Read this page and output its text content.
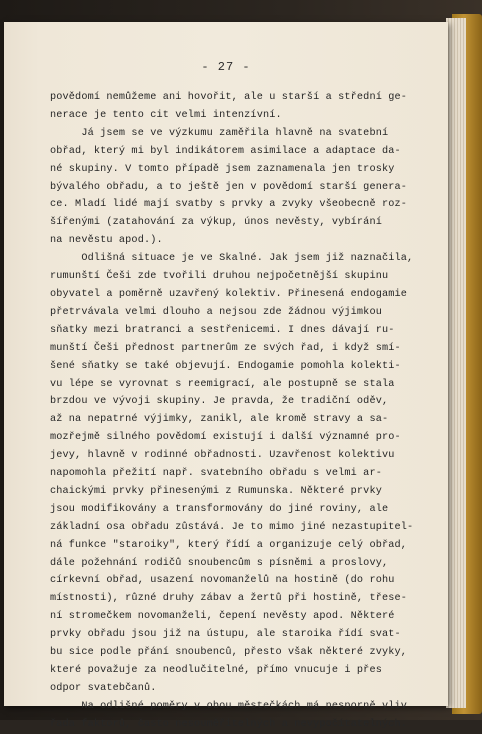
- 27 -
povědomí nemůžeme ani hovořit, ale u starší a střední ge-
nerace je tento cit velmi intenzívní.
Já jsem se ve výzkumu zaměřila hlavně na svatební
obřad, který mi byl indikátorem asimilace a adaptace da-
né skupiny. V tomto případě jsem zaznamenala jen trosky
bývalého obřadu, a to ještě jen v povědomí starší genera-
ce. Mladí lidé mají svatby s prvky a zvyky všeobecně roz-
šířenými (zatahování za výkup, únos nevěsty, vybírání
na nevěstu apod.).
Odlišná situace je ve Skalné. Jak jsem již naznačila,
rumunští Češi zde tvořili druhou nejpočetnější skupinu
obyvatel a poměrně uzavřený kolektiv. Přinesená endogamie
přetrvávala velmi dlouho a nejsou zde žádnou výjimkou
sňatky mezi bratranci a sestřenicemi. I dnes dávají ru-
munští Češi přednost partnerům ze svých řad, i když smí-
šené sňatky se také objevují. Endogamie pomohla kolekti-
vu lépe se vyrovnat s reemigrací, ale postupně se stala
brzdou ve vývoji skupiny. Je pravda, že tradiční oděv,
až na nepatrné výjimky, zanikl, ale kromě stravy a sa-
mozřejmě silného povědomí existují i další významné pro-
jevy, hlavně v rodinné obřadnosti. Uzavřenost kolektivu
napomohla přežití např. svatebního obřadu s velmi ar-
chaickými prvky přinesenými z Rumunska. Některé prvky
jsou modifikovány a transformovány do jiné roviny, ale
základní osa obřadu zůstává. Je to mimo jiné nezastupitel-
ná funkce "staroiky", který řídí a organizuje celý obřad,
dále požehnání rodičů snoubencům s písněmi a proslovy,
církevní obřad, usazení novomanželů na hostině (do rohu
místnosti), různé druhy zábav a žertů při hostině, třese-
ní stromečkem novomanželi, čepení nevěsty apod. Některé
prvky obřadu jsou již na ústupu, ale staroika řídí svat-
bu sice podle přání snoubenců, přesto však některé zvyky,
které považuje za neodlučitelné, přímo vnucuje i přes
odpor svatebčanů.
Na odlišné poměry v obou městečkách má nesporně vliv
řada faktorů, často nesouměřitelných a nevypočítatelných.
